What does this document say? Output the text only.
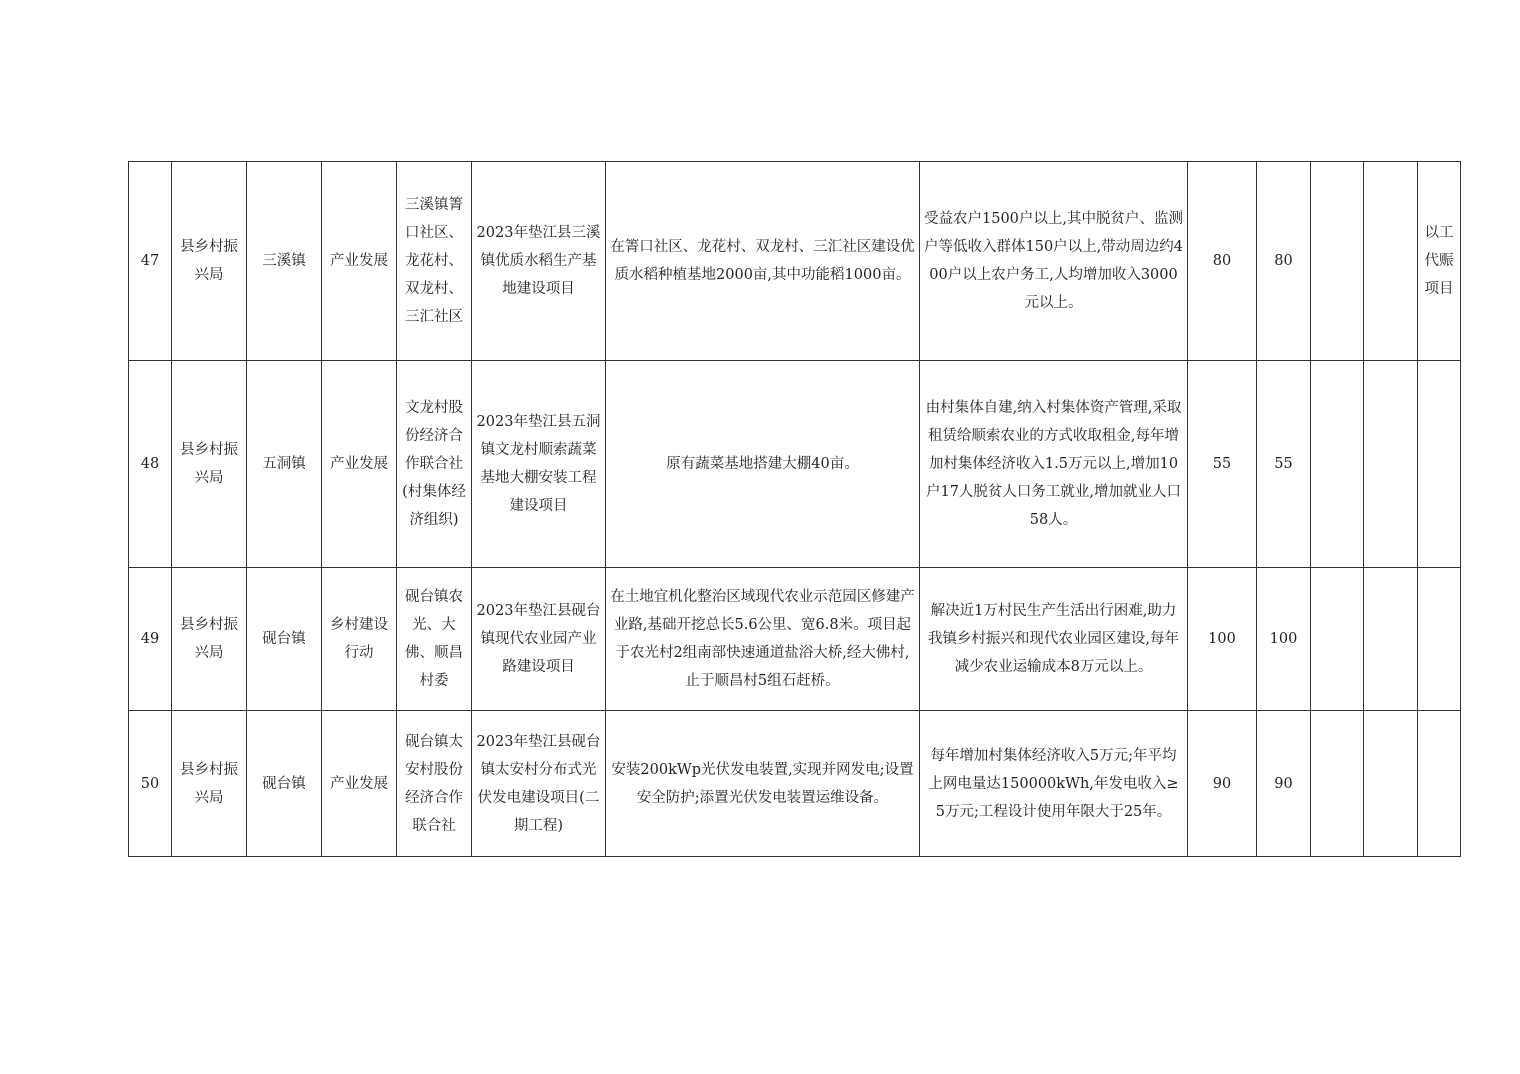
47	县乡村振兴局	三溪镇	产业发展	三溪镇箐口社区、龙花村、双龙村、三汇社区	2023年垫江县三溪镇优质水稻生产基地建设项目	在箐口社区、龙花村、双龙村、三汇社区建设优质水稻种植基地2000亩,其中功能稻1000亩。	受益农户1500户以上,其中脱贫户、监测户等低收入群体150户以上,带动周边约400户以上农户务工,人均增加收入3000元以上。	80	80			以工代赈项目
48	县乡村振兴局	五洞镇	产业发展	文龙村股份经济合作联合社(村集体经济组织)	2023年垫江县五洞镇文龙村顺索蔬菜基地大棚安装工程建设项目	原有蔬菜基地搭建大棚40亩。	由村集体自建,纳入村集体资产管理,采取租赁给顺索农业的方式收取租金,每年增加村集体经济收入1.5万元以上,增加10户17人脱贫人口务工就业,增加就业人口58人。	55	55			
49	县乡村振兴局	砚台镇	乡村建设行动	砚台镇农光、大佛、顺昌村委	2023年垫江县砚台镇现代农业园产业路建设项目	在土地宜机化整治区域现代农业示范园区修建产业路,基础开挖总长5.6公里、宽6.8米。项目起于农光村2组南部快速通道盐浴大桥,经大佛村,止于顺昌村5组石赶桥。	解决近1万村民生产生活出行困难,助力我镇乡村振兴和现代农业园区建设,每年减少农业运输成本8万元以上。	100	100			
50	县乡村振兴局	砚台镇	产业发展	砚台镇太安村股份经济合作联合社	2023年垫江县砚台镇太安村分布式光伏发电建设项目(二期工程)	安装200kWp光伏发电装置,实现并网发电;设置安全防护;添置光伏发电装置运维设备。	每年增加村集体经济收入5万元;年平均上网电量达150000kWh,年发电收入≥5万元;工程设计使用年限大于25年。	90	90			
